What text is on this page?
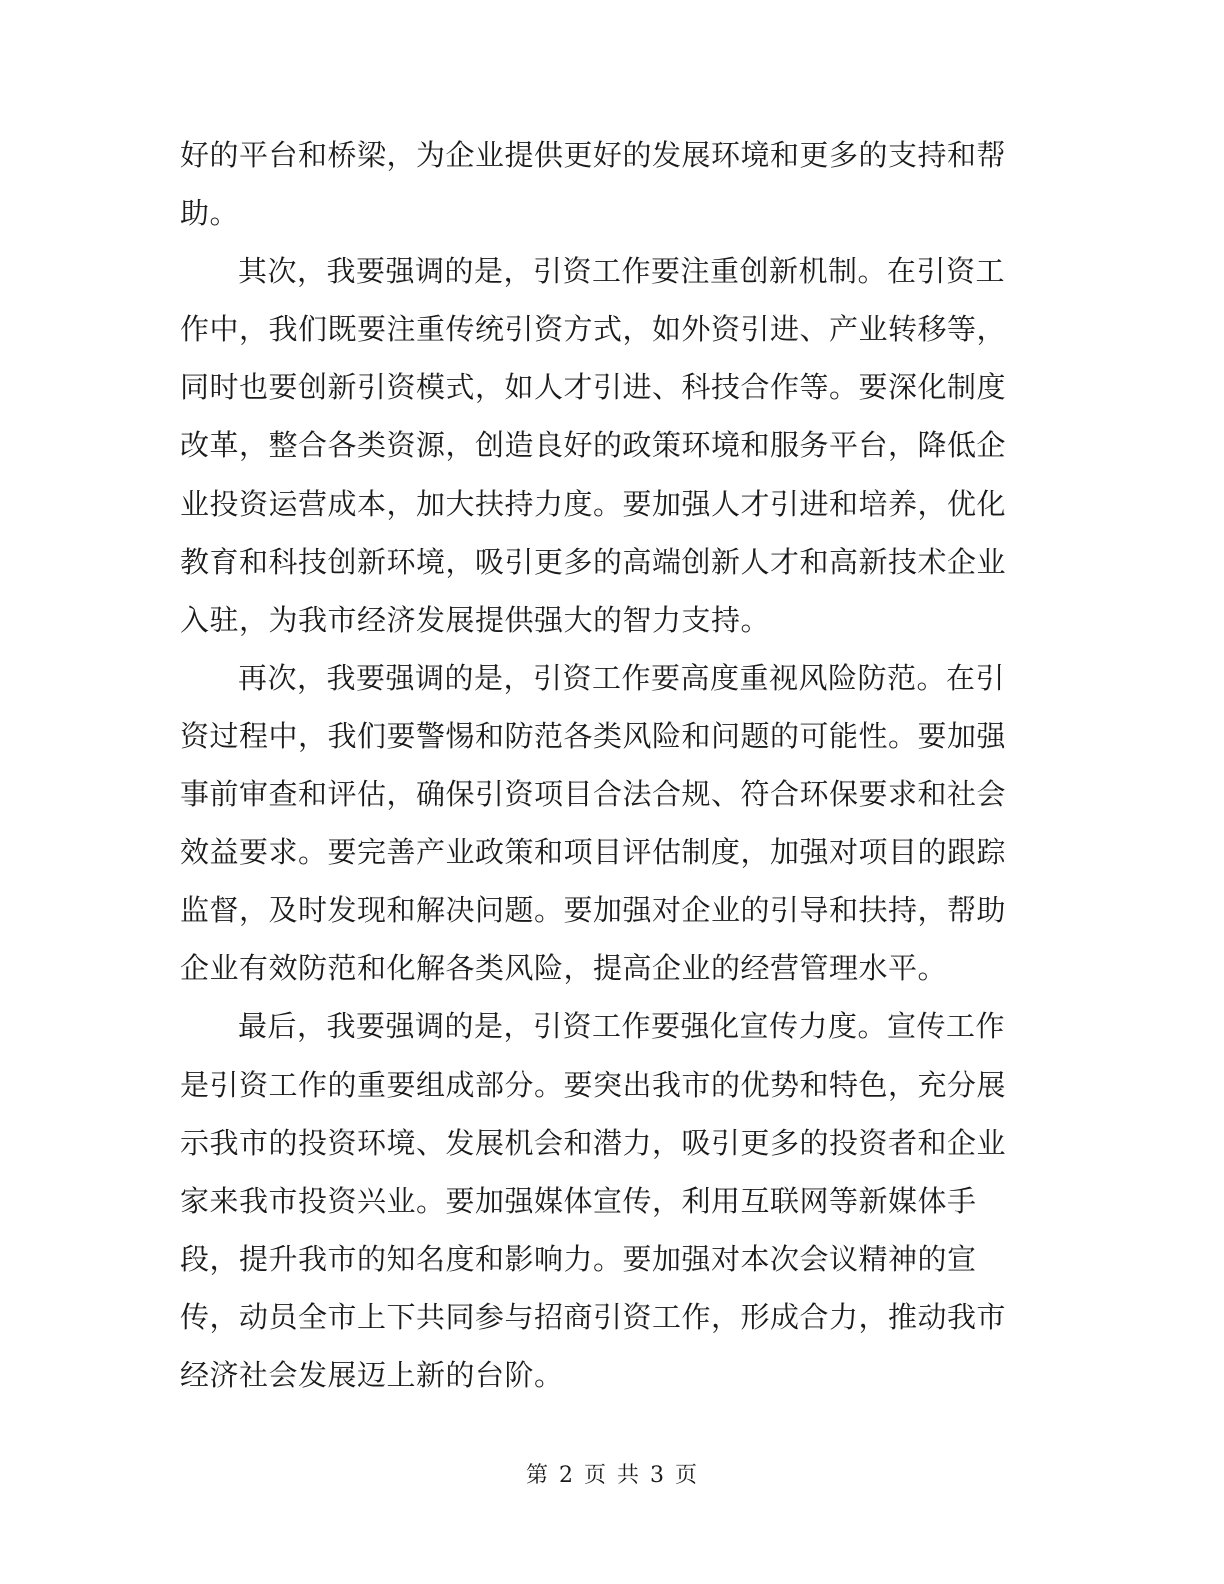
好的平台和桥梁，为企业提供更好的发展环境和更多的支持和帮
助。

其次，我要强调的是，引资工作要注重创新机制。在引资工
作中，我们既要注重传统引资方式，如外资引进、产业转移等，
同时也要创新引资模式，如人才引进、科技合作等。要深化制度
改革，整合各类资源，创造良好的政策环境和服务平台，降低企
业投资运营成本，加大扶持力度。要加强人才引进和培养，优化
教育和科技创新环境，吸引更多的高端创新人才和高新技术企业
入驻，为我市经济发展提供强大的智力支持。

再次，我要强调的是，引资工作要高度重视风险防范。在引
资过程中，我们要警惕和防范各类风险和问题的可能性。要加强
事前审查和评估，确保引资项目合法合规、符合环保要求和社会
效益要求。要完善产业政策和项目评估制度，加强对项目的跟踪
监督，及时发现和解决问题。要加强对企业的引导和扶持，帮助
企业有效防范和化解各类风险，提高企业的经营管理水平。

最后，我要强调的是，引资工作要强化宣传力度。宣传工作
是引资工作的重要组成部分。要突出我市的优势和特色，充分展
示我市的投资环境、发展机会和潜力，吸引更多的投资者和企业
家来我市投资兴业。要加强媒体宣传，利用互联网等新媒体手
段，提升我市的知名度和影响力。要加强对本次会议精神的宣
传，动员全市上下共同参与招商引资工作，形成合力，推动我市
经济社会发展迈上新的台阶。

第 2 页 共 3 页
